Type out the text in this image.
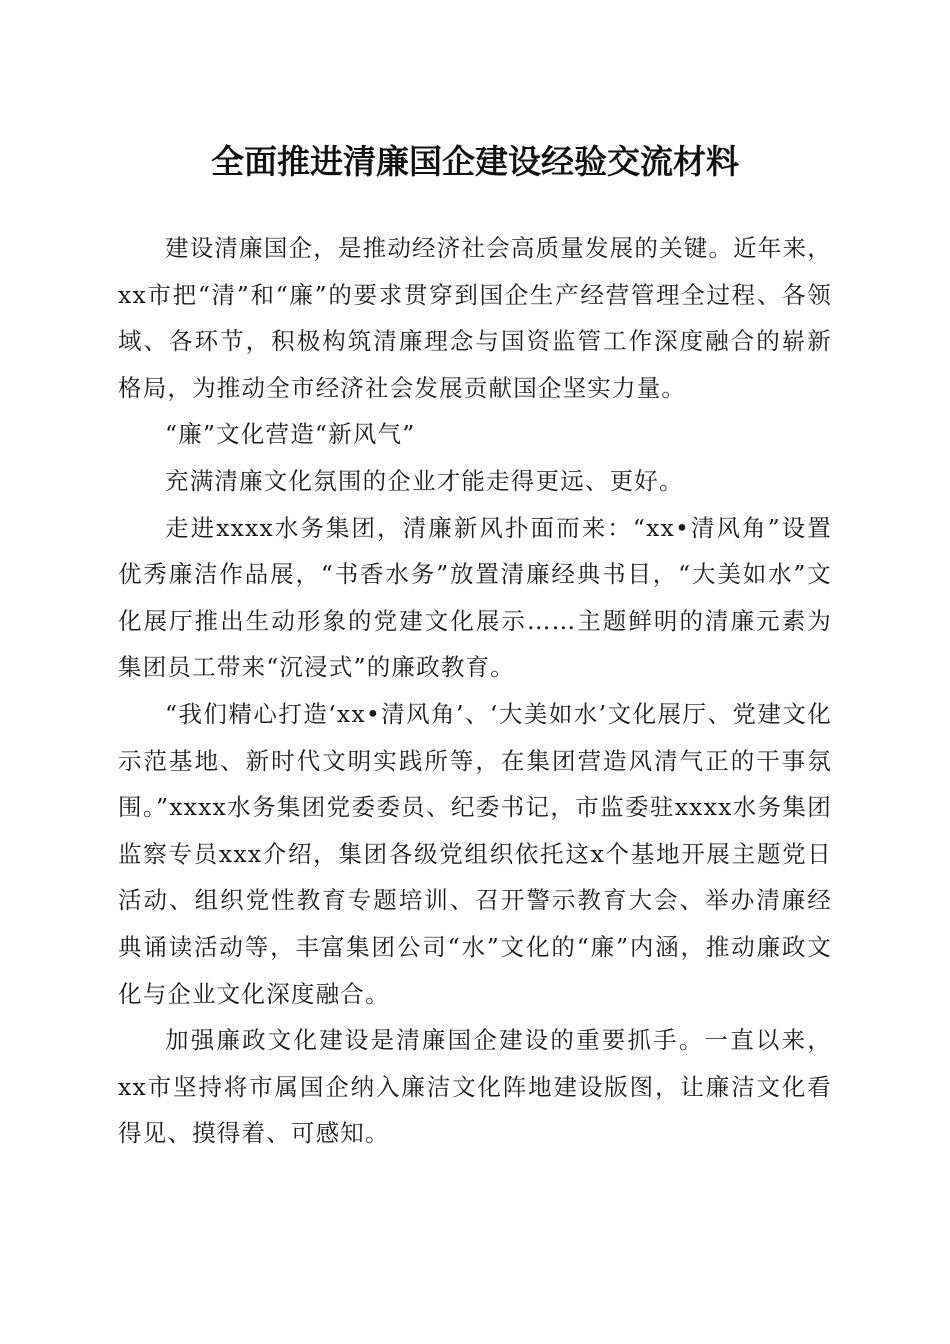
全面推进清廉国企建设经验交流材料

建设清廉国企，是推动经济社会高质量发展的关键。近年来，xx市把“清”和“廉”的要求贯穿到国企生产经营管理全过程、各领域、各环节，积极构筑清廉理念与国资监管工作深度融合的崭新格局，为推动全市经济社会发展贡献国企坚实力量。

“廉”文化营造“新风气”

充满清廉文化氛围的企业才能走得更远、更好。

走进xxxx水务集团，清廉新风扑面而来：“xx•清风角”设置优秀廉洁作品展，“书香水务”放置清廉经典书目，“大美如水”文化展厅推出生动形象的党建文化展示……主题鲜明的清廉元素为集团员工带来“沉浸式”的廉政教育。

“我们精心打造‘xx•清风角’、‘大美如水’文化展厅、党建文化示范基地、新时代文明实践所等，在集团营造风清气正的干事氛围。”xxxx水务集团党委委员、纪委书记，市监委驻xxxx水务集团监察专员xxx介绍，集团各级党组织依托这x个基地开展主题党日活动、组织党性教育专题培训、召开警示教育大会、举办清廉经典诵读活动等，丰富集团公司“水”文化的“廉”内涵，推动廉政文化与企业文化深度融合。

加强廉政文化建设是清廉国企建设的重要抓手。一直以来，xx市坚持将市属国企纳入廉洁文化阵地建设版图，让廉洁文化看得见、摸得着、可感知。
